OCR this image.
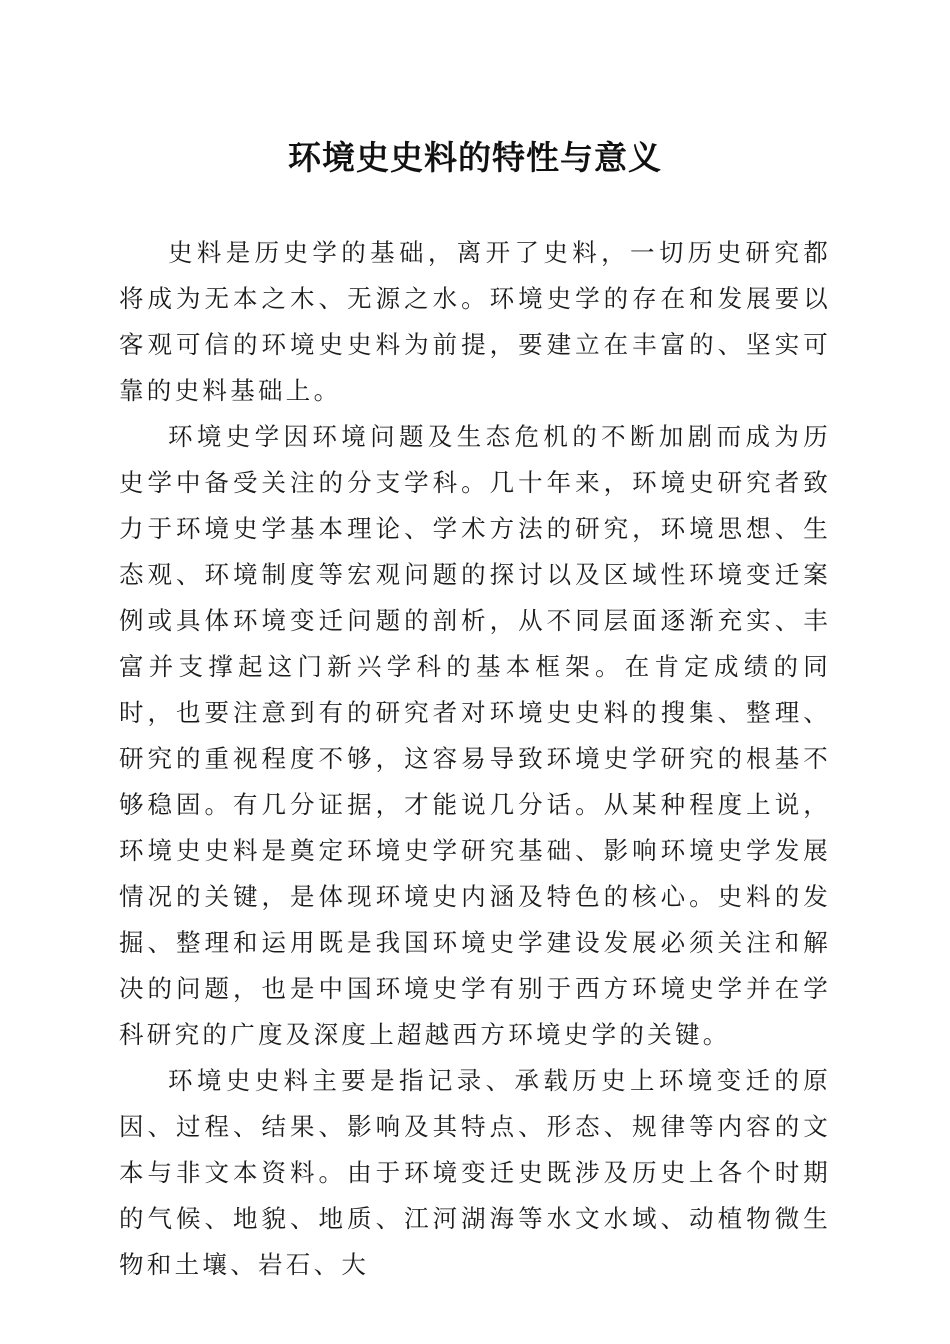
环境史史料的特性与意义

史料是历史学的基础，离开了史料，一切历史研究都将成为无本之木、无源之水。环境史学的存在和发展要以客观可信的环境史史料为前提，要建立在丰富的、坚实可靠的史料基础上。

环境史学因环境问题及生态危机的不断加剧而成为历史学中备受关注的分支学科。几十年来，环境史研究者致力于环境史学基本理论、学术方法的研究，环境思想、生态观、环境制度等宏观问题的探讨以及区域性环境变迁案例或具体环境变迁问题的剖析，从不同层面逐渐充实、丰富并支撑起这门新兴学科的基本框架。在肯定成绩的同时，也要注意到有的研究者对环境史史料的搜集、整理、研究的重视程度不够，这容易导致环境史学研究的根基不够稳固。有几分证据，才能说几分话。从某种程度上说，环境史史料是奠定环境史学研究基础、影响环境史学发展情况的关键，是体现环境史内涵及特色的核心。史料的发掘、整理和运用既是我国环境史学建设发展必须关注和解决的问题，也是中国环境史学有别于西方环境史学并在学科研究的广度及深度上超越西方环境史学的关键。

环境史史料主要是指记录、承载历史上环境变迁的原因、过程、结果、影响及其特点、形态、规律等内容的文本与非文本资料。由于环境变迁史既涉及历史上各个时期的气候、地貌、地质、江河湖海等水文水域、动植物微生物和土壤、岩石、大
